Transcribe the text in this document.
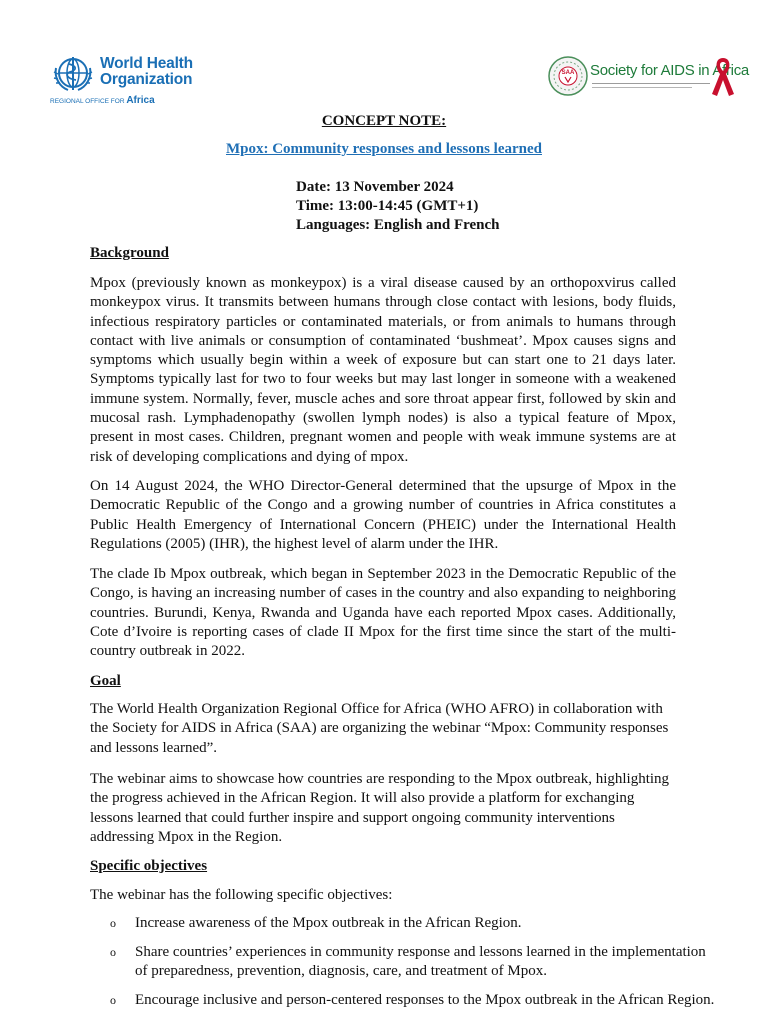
World Health
Organization
REGIONAL OFFICE FOR Africa
SAA Society for AIDS in Africa
CONCEPT NOTE:
Mpox: Community responses and lessons learned
Date: 13 November 2024
Time: 13:00-14:45 (GMT+1)
Languages: English and French
Background

Mpox (previously known as monkeypox) is a viral disease caused by an orthopoxvirus called monkeypox virus. It transmits between humans through close contact with lesions, body fluids, infectious respiratory particles or contaminated materials, or from animals to humans through contact with live animals or consumption of contaminated ‘bushmeat’. Mpox causes signs and symptoms which usually begin within a week of exposure but can start one to 21 days later. Symptoms typically last for two to four weeks but may last longer in someone with a weakened immune system. Normally, fever, muscle aches and sore throat appear first, followed by skin and mucosal rash. Lymphadenopathy (swollen lymph nodes) is also a typical feature of Mpox, present in most cases. Children, pregnant women and people with weak immune systems are at risk of developing complications and dying of mpox.

On 14 August 2024, the WHO Director-General determined that the upsurge of Mpox in the Democratic Republic of the Congo and a growing number of countries in Africa constitutes a Public Health Emergency of International Concern (PHEIC) under the International Health Regulations (2005) (IHR), the highest level of alarm under the IHR.

The clade Ib Mpox outbreak, which began in September 2023 in the Democratic Republic of the Congo, is having an increasing number of cases in the country and also expanding to neighboring countries. Burundi, Kenya, Rwanda and Uganda have each reported Mpox cases. Additionally, Cote d’Ivoire is reporting cases of clade II Mpox for the first time since the start of the multi-country outbreak in 2022.

Goal

The World Health Organization Regional Office for Africa (WHO AFRO) in collaboration with the Society for AIDS in Africa (SAA) are organizing the webinar “Mpox: Community responses and lessons learned”.

The webinar aims to showcase how countries are responding to the Mpox outbreak, highlighting the progress achieved in the African Region. It will also provide a platform for exchanging lessons learned that could further inspire and support ongoing community interventions addressing Mpox in the Region.

Specific objectives

The webinar has the following specific objectives:

o Increase awareness of the Mpox outbreak in the African Region.
o Share countries’ experiences in community response and lessons learned in the implementation of preparedness, prevention, diagnosis, care, and treatment of Mpox.
o Encourage inclusive and person-centered responses to the Mpox outbreak in the African Region.
